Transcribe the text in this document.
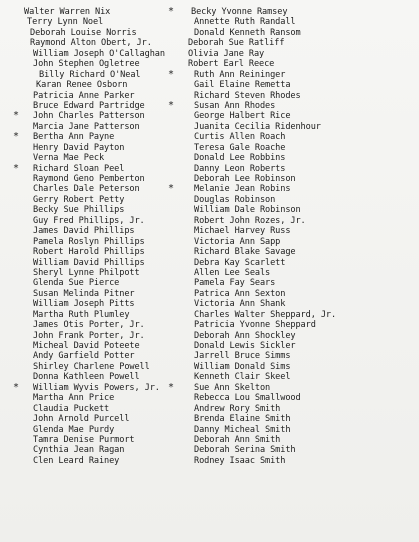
Walter Warren Nix
Terry Lynn Noel
Deborah Louise Norris
Raymond Alton Obert, Jr.
William Joseph O'Callaghan
John Stephen Ogletree
Billy Richard O'Neal
Karan Renee Osborn
Patricia Anne Parker
Bruce Edward Partridge
* John Charles Patterson
Marcia Jane Patterson
* Bertha Ann Payne
Henry David Payton
Verna Mae Peck
* Richard Sloan Peel
Raymond Geno Pemberton
Charles Dale Peterson
Gerry Robert Petty
Becky Sue Phillips
Guy Fred Phillips, Jr.
James David Phillips
Pamela Roslyn Phillips
Robert Harold Phillips
William David Phillips
Sheryl Lynne Philpott
Glenda Sue Pierce
Susan Melinda Pitner
William Joseph Pitts
Martha Ruth Plumley
James Otis Porter, Jr.
John Frank Porter, Jr.
Micheal David Poteete
Andy Garfield Potter
Shirley Charlene Powell
Donna Kathleen Powell
* William Wyvis Powers, Jr.
Martha Ann Price
Claudia Puckett
John Arnold Purcell
Glenda Mae Purdy
Tamra Denise Purmort
Cynthia Jean Ragan
Clen Leard Rainey
* Becky Yvonne Ramsey
Annette Ruth Randall
Donald Kenneth Ransom
Deborah Sue Ratliff
Olivia Jane Ray
Robert Earl Reece
* Ruth Ann Reininger
Gail Elaine Remetta
Richard Steven Rhodes
* Susan Ann Rhodes
George Halbert Rice
Juanita Cecilia Ridenhour
Curtis Allen Roach
Teresa Gale Roache
Donald Lee Robbins
Danny Leon Roberts
Deborah Lee Robinson
* Melanie Jean Robins
Douglas Robinson
William Dale Robinson
Robert John Rozes, Jr.
Michael Harvey Russ
Victoria Ann Sapp
Richard Blake Savage
Debra Kay Scarlett
Allen Lee Seals
Pamela Fay Sears
Patrica Ann Sexton
Victoria Ann Shank
Charles Walter Sheppard, Jr.
Patricia Yvonne Sheppard
Deborah Ann Shockley
Donald Lewis Sickler
Jarrell Bruce Simms
William Donald Sims
Kenneth Clair Skeel
* Sue Ann Skelton
Rebecca Lou Smallwood
Andrew Rory Smith
Brenda Elaine Smith
Danny Micheal Smith
Deborah Ann Smith
Deborah Serina Smith
Rodney Isaac Smith
